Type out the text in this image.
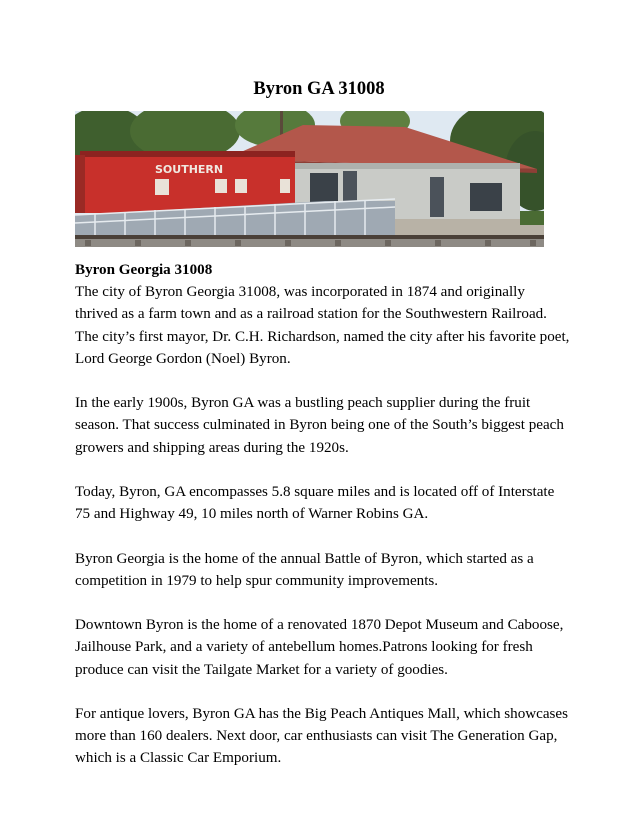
Byron GA 31008
SOUTHERN

Byron Georgia 31008

The city of Byron Georgia 31008, was incorporated in 1874 and originally thrived as a farm town and as a railroad station for the Southwestern Railroad. The city’s first mayor, Dr. C.H. Richardson, named the city after his favorite poet, Lord George Gordon (Noel) Byron.

In the early 1900s, Byron GA was a bustling peach supplier during the fruit season. That success culminated in Byron being one of the South’s biggest peach growers and shipping areas during the 1920s.

Today, Byron, GA encompasses 5.8 square miles and is located off of Interstate 75 and Highway 49, 10 miles north of Warner Robins GA.

Byron Georgia is the home of the annual Battle of Byron, which started as a competition in 1979 to help spur community improvements.

Downtown Byron is the home of a renovated 1870 Depot Museum and Caboose, Jailhouse Park, and a variety of antebellum homes.Patrons looking for fresh produce can visit the Tailgate Market for a variety of goodies.

For antique lovers, Byron GA has the Big Peach Antiques Mall, which showcases more than 160 dealers. Next door, car enthusiasts can visit The Generation Gap, which is a Classic Car Emporium.
